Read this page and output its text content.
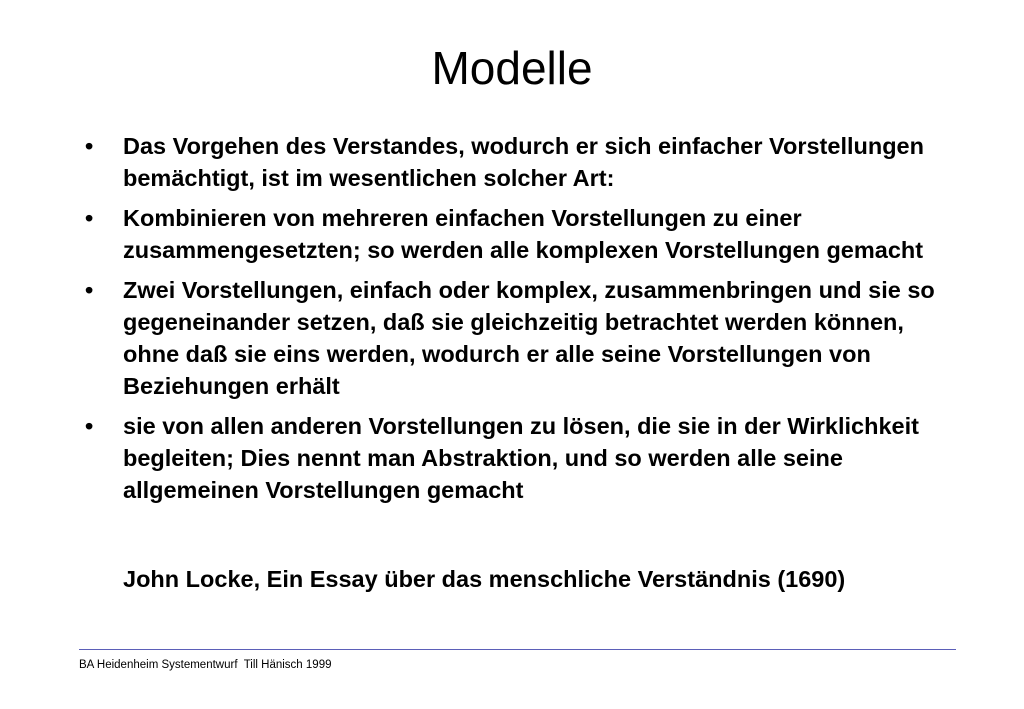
Modelle
• Das Vorgehen des Verstandes, wodurch er sich einfacher Vorstellungen bemächtigt, ist im wesentlichen solcher Art:
• Kombinieren von mehreren einfachen Vorstellungen zu einer zusammengesetzten; so werden alle komplexen Vorstellungen gemacht
• Zwei Vorstellungen, einfach oder komplex, zusammenbringen und sie so gegeneinander setzen, daß sie gleichzeitig betrachtet werden können, ohne daß sie eins werden, wodurch er alle seine Vorstellungen von Beziehungen erhält
• sie von allen anderen Vorstellungen zu lösen, die sie in der Wirklichkeit begleiten; Dies nennt man Abstraktion, und so werden alle seine allgemeinen Vorstellungen gemacht

John Locke, Ein Essay über das menschliche Verständnis (1690)

BA Heidenheim Systementwurf  Till Hänisch 1999
